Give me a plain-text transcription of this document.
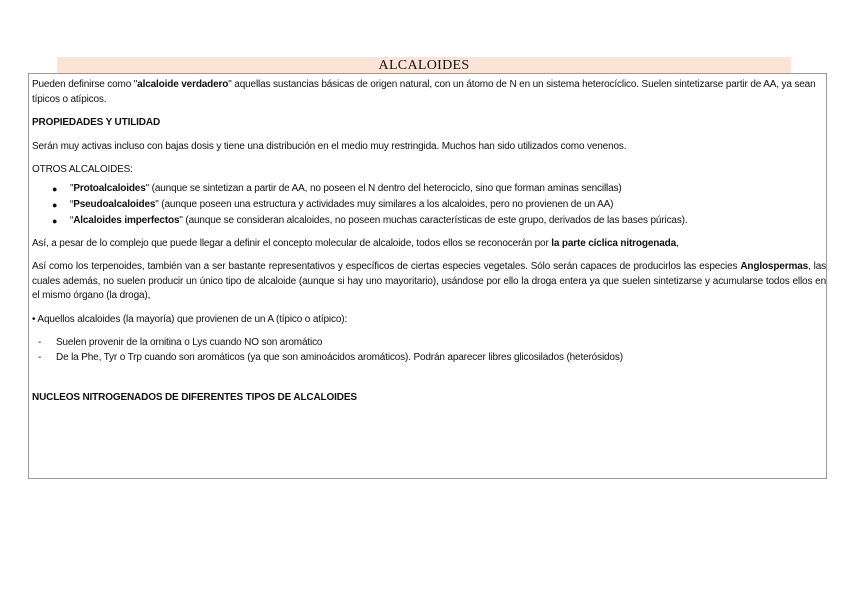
ALCALOIDES

Pueden definirse como "alcaloide verdadero" aquellas sustancias básicas de origen natural, con un átomo de N en un sistema heterocíclico. Suelen sintetizarse partir de AA, ya sean típicos o atípicos.

PROPIEDADES Y UTILIDAD

Serán muy activas incluso con bajas dosis y tiene una distribución en el medio muy restringida. Muchos han sido utilizados como venenos.

OTROS ALCALOIDES:

● "Protoalcaloides" (aunque se sintetizan a partir de AA, no poseen el N dentro del heterociclo, sino que forman aminas sencillas)
● “Pseudoalcaloides" (aunque poseen una estructura y actividades muy similares a los alcaloides, pero no provienen de un AA)
● “Alcaloides imperfectos" (aunque se consideran alcaloides, no poseen muchas características de este grupo, derivados de las bases púricas).

Así, a pesar de lo complejo que puede llegar a definir el concepto molecular de alcaloide, todos ellos se reconocerán por la parte cíclica nitrogenada,

Así como los terpenoides, también van a ser bastante representativos y específicos de ciertas especies vegetales. Sólo serán capaces de producirlos las especies Anglospermas, las cuales además, no suelen producir un único tipo de alcaloide (aunque si hay uno mayoritario), usándose por ello la droga entera ya que suelen sintetizarse y acumularse todos ellos en el mismo órgano (la droga),

• Aquellos alcaloides (la mayoría) que provienen de un A (típico o atípico):

- Suelen provenir de la ornitina o Lys cuando NO son aromático
- De la Phe, Tyr o Trp cuando son aromáticos (ya que son aminoácidos aromáticos). Podrán aparecer libres glicosilados (heterósidos)

NUCLEOS NITROGENADOS DE DIFERENTES TIPOS DE ALCALOIDES
